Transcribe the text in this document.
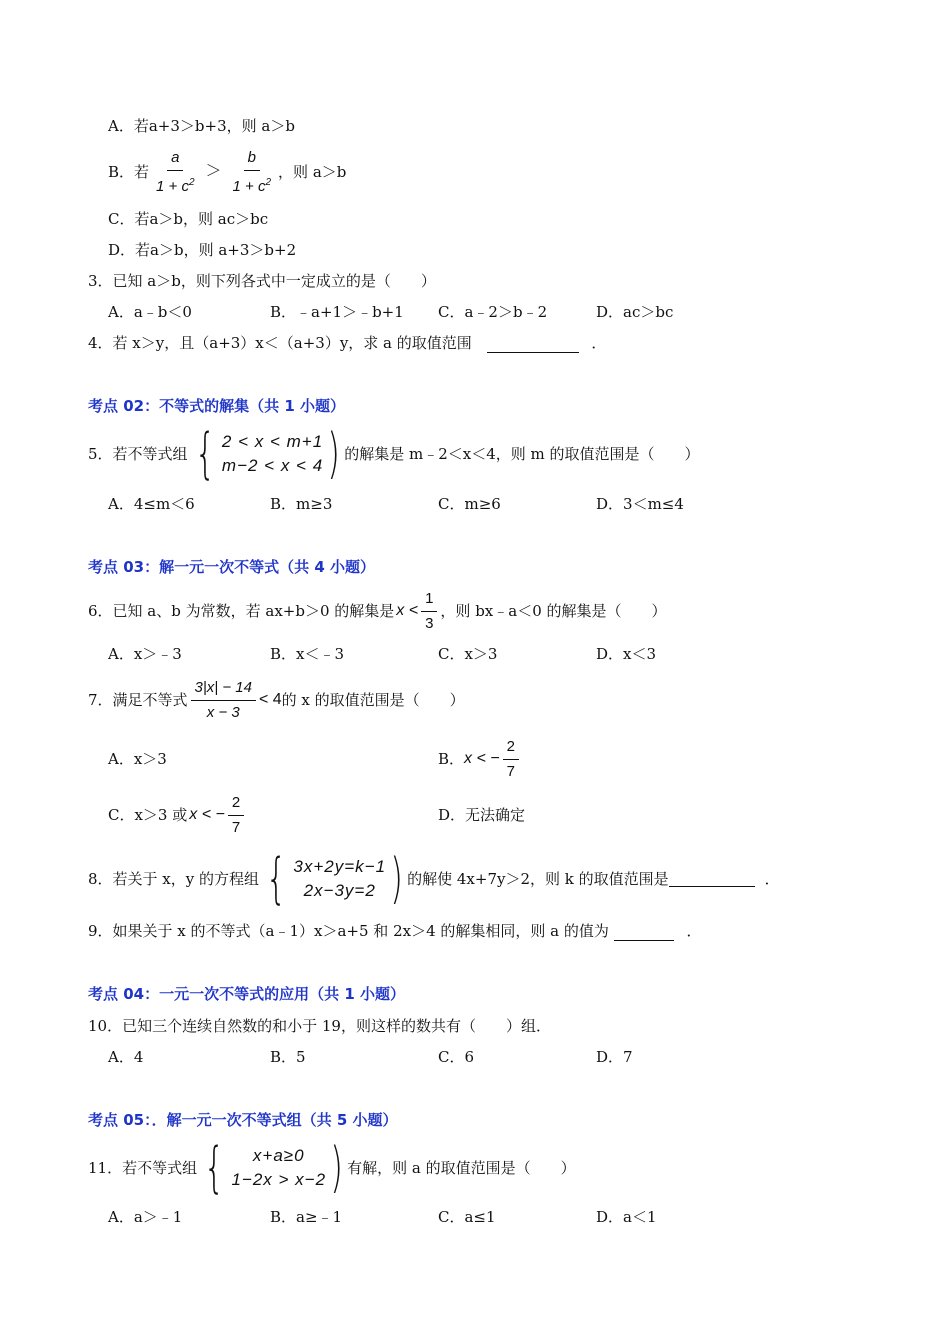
A．若a+3＞b+3，则 a＞b
B．若 $\frac{a}{1 + c^2} > \frac{b}{1 + c^2}$ ，则 a＞b
C．若a＞b，则 ac＞bc
D．若a＞b，则 a+3＞b+2
3．已知 a＞b，则下列各式中一定成立的是（　　）
A．a﹣b＜0	B．﹣a+1＞﹣b+1 C．a﹣2＞b﹣2	D．ac＞bc
4．若 x＞y，且（a+3）x＜（a+3）y，求 a 的取值范围	．
考点 02：不等式的解集（共 1 小题）
5．若不等式组 { 2 < x < m+1
m−2 < x < 4 ) 的解集是 m﹣2＜x＜4，则 m 的取值范围是（　　）
A．4≤m＜6	B．m≥3	C．m≥6	D．3＜m≤4
考点 03：解一元一次不等式（共 4 小题）
6．已知 a、b 为常数，若 ax+b＞0 的解集是 $x < \frac{1}{3}$ ，则 bx﹣a＜0 的解集是（　　）
A．x＞﹣3	B．x＜﹣3	C．x＞3	D．x＜3
7．满足不等式 $\frac{3|x| - 14}{x - 3} < 4$ 的 x 的取值范围是（　　）
A．x＞3	B． x < − $\frac{2}{7}$
C．x＞3 或 x < − $\frac{2}{7}$	D．无法确定
8．若关于 x，y 的方程组 { 3x+2y=k−1
2x−3y=2 ) 的解使 4x+7y＞2，则 k 的取值范围是	．
9．如果关于 x 的不等式（a﹣1）x＞a+5 和 2x＞4 的解集相同，则 a 的值为	．
考点 04：一元一次不等式的应用（共 1 小题）
10．已知三个连续自然数的和小于 19，则这样的数共有（　　）组．
A．4	B．5	C．6	D．7
考点 05：．解一元一次不等式组（共 5 小题）
11．若不等式组 { x+a≥0
1−2x > x−2 ) 有解，则 a 的取值范围是（　　）
A．a＞﹣1	B．a≥﹣1	C．a≤1	D．a＜1
